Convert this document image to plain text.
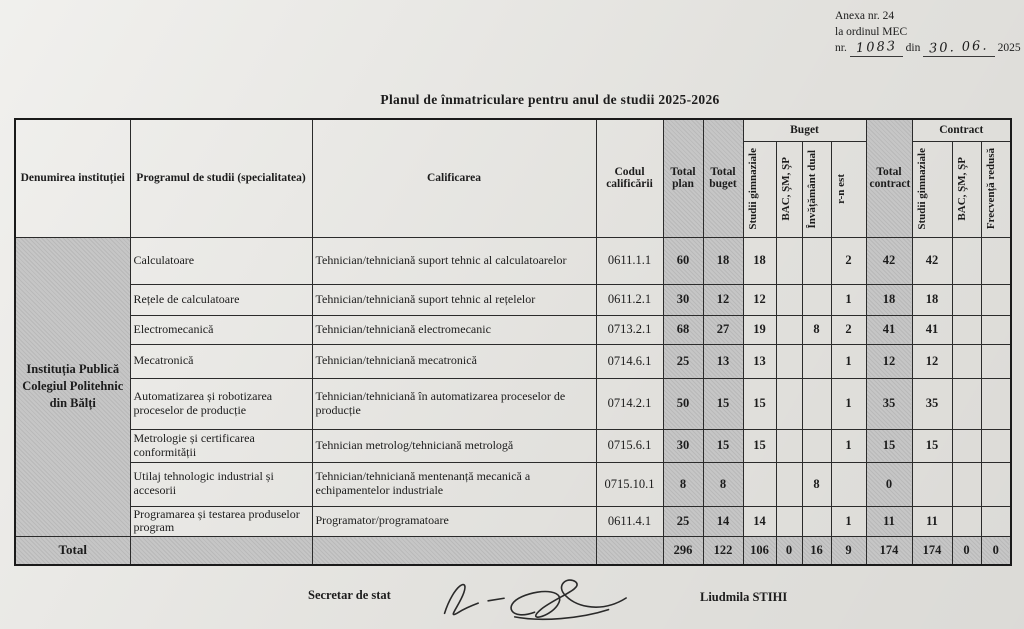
Anexa nr. 24
la ordinul MEC
nr. 1083 din 30. 06. 2025
Planul de înmatriculare pentru anul de studii 2025-2026
Denumirea instituției	Programul de studii (specialitatea)	Calificarea	Codul calificării	Total plan	Total buget	Buget				Total contract	Contract		

						Studii gimnaziale	BAC, ŞM, ŞP	Învățământ dual	r-n est		Studii gimnaziale	BAC, ŞM, ŞP	Frecvență redusă

Instituția Publică Colegiul Politehnic din Bălți	Calculatoare	Tehnician/tehniciană suport tehnic al calculatoarelor	0611.1.1	60	18	18			2	42	42		
	Rețele de calculatoare	Tehnician/tehniciană suport tehnic al rețelelor	0611.2.1	30	12	12			1	18	18		
	Electromecanică	Tehnician/tehniciană electromecanic	0713.2.1	68	27	19		8	2	41	41		
	Mecatronică	Tehnician/tehniciană mecatronică	0714.6.1	25	13	13			1	12	12		
	Automatizarea și robotizarea proceselor de producție	Tehnician/tehniciană în automatizarea proceselor de producție	0714.2.1	50	15	15			1	35	35		
	Metrologie și certificarea conformității	Tehnician metrolog/tehniciană metrologă	0715.6.1	30	15	15			1	15	15		
	Utilaj tehnologic industrial și accesorii	Tehnician/tehniciană mentenanță mecanică a echipamentelor industriale	0715.10.1	8	8			8		0			
	Programarea și testarea produselor program	Programator/programatoare	0611.4.1	25	14	14			1	11	11		
Total				296	122	106	0	16	9	174	174	0	0
Secretar de stat	Liudmila STIHI
